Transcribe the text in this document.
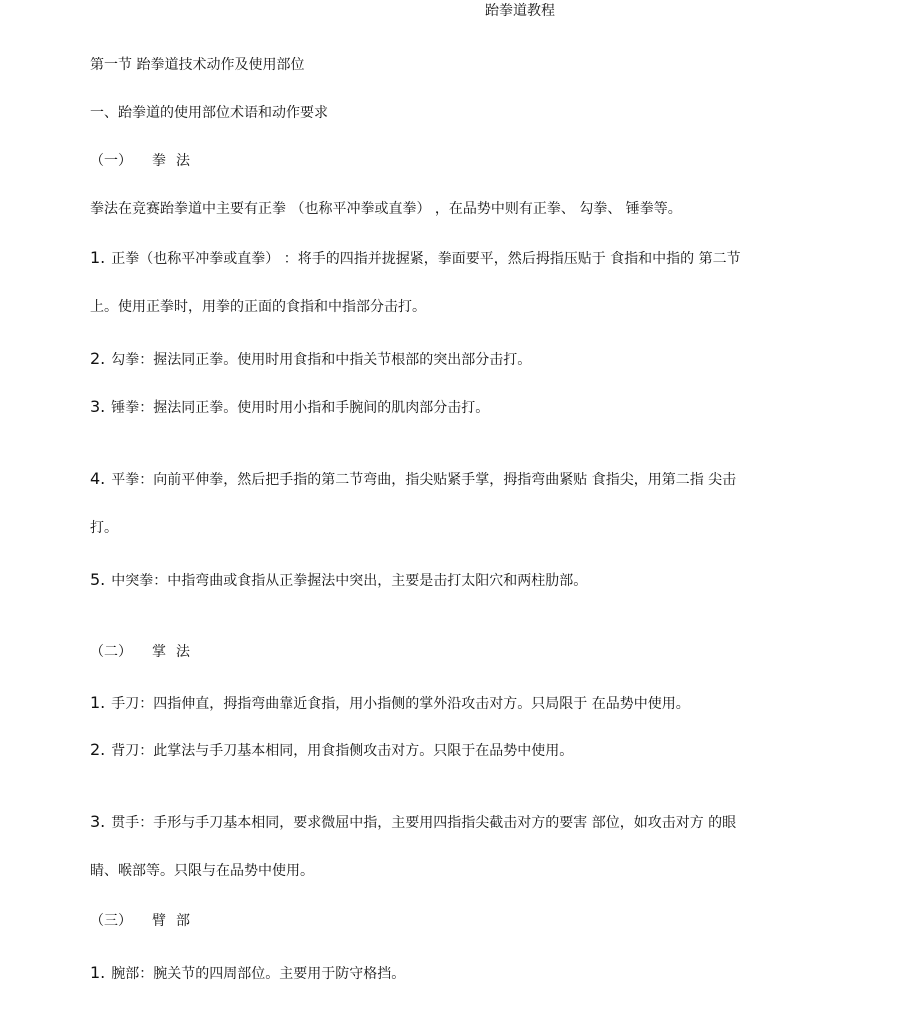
跆拳道教程
第一节 跆拳道技术动作及使用部位
一、跆拳道的使用部位术语和动作要求
（一） 拳法
拳法在竞赛跆拳道中主要有正拳 （也称平冲拳或直拳） ，在品势中则有正拳、 勾拳、 锤拳等。
1. 正拳（也称平冲拳或直拳） ：将手的四指并拢握紧，拳面要平，然后拇指压贴于 食指和中指的 第二节
上。使用正拳时，用拳的正面的食指和中指部分击打。
2. 勾拳：握法同正拳。使用时用食指和中指关节根部的突出部分击打。
3. 锤拳：握法同正拳。使用时用小指和手腕间的肌肉部分击打。
4. 平拳：向前平伸拳，然后把手指的第二节弯曲，指尖贴紧手掌，拇指弯曲紧贴 食指尖，用第二指 尖击
打。
5. 中突拳：中指弯曲或食指从正拳握法中突出，主要是击打太阳穴和两柱肋部。
（二） 掌法
1. 手刀：四指伸直，拇指弯曲靠近食指，用小指侧的掌外沿攻击对方。只局限于 在品势中使用。
2. 背刀：此掌法与手刀基本相同，用食指侧攻击对方。只限于在品势中使用。
3. 贯手：手形与手刀基本相同，要求微屈中指，主要用四指指尖截击对方的要害 部位，如攻击对方 的眼
睛、喉部等。只限与在品势中使用。
（三） 臂部
1. 腕部：腕关节的四周部位。主要用于防守格挡。
